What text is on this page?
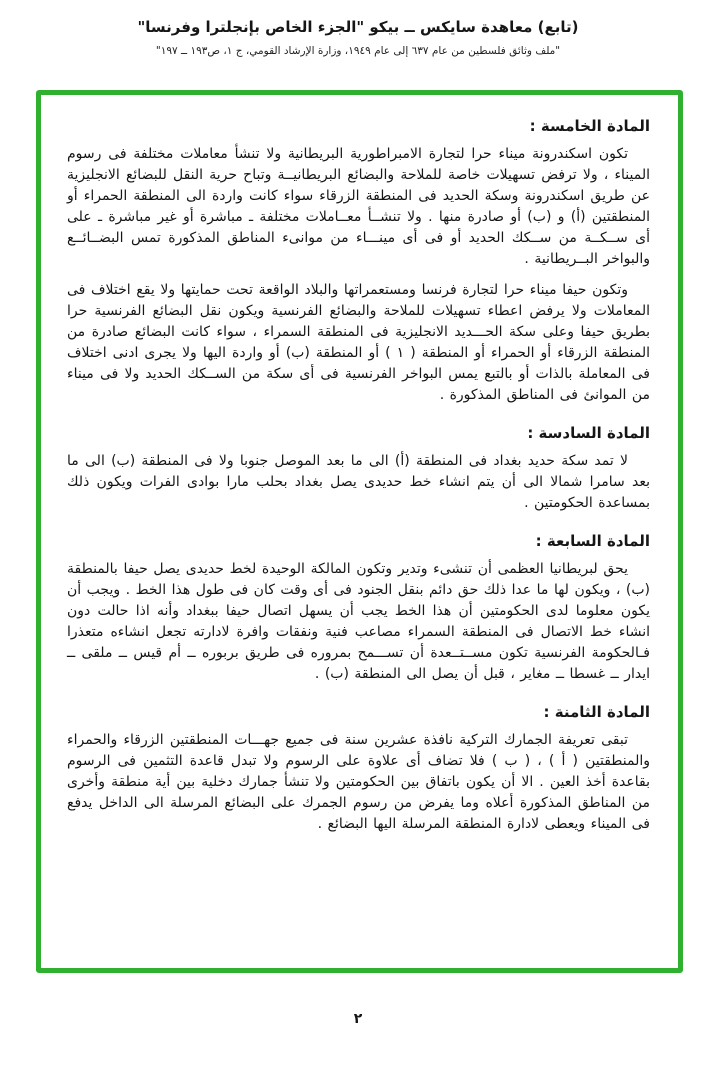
(تابع) معاهدة سايكس ــ بيكو "الجزء الخاص بإنجلترا وفرنسا"
"ملف وثائق فلسطين من عام ٦٣٧ إلى عام ١٩٤٩، وزارة الإرشاد القومي، ج ١، ص١٩٣ ــ ١٩٧"
المادة الخامسة :

تكون اسكندرونة ميناء حرا لتجارة الامبراطورية البريطانية ولا تنشأ معاملات مختلفة فى رسوم الميناء ، ولا ترفض تسهيلات خاصة للملاحة والبضائع البريطانيــة وتباح حرية النقل للبضائع الانجليزية عن طريق اسكندرونة وسكة الحديد فى المنطقة الزرقاء سواء كانت واردة الى المنطقة الحمراء أو المنطقتين (أ) و (ب) أو صادرة منها . ولا تنشــأ معــاملات مختلفة ـ مباشرة أو غير مباشرة ـ على أى ســكــة من ســكك الحديد أو فى أى مينـــاء من موانىء المناطق المذكورة تمس البضــائــع والبواخر البــريطانية .

وتكون حيفا ميناء حرا لتجارة فرنسا ومستعمراتها والبلاد الواقعة تحت حمايتها ولا يقع اختلاف فى المعاملات ولا يرفض اعطاء تسهيلات للملاحة والبضائع الفرنسية ويكون نقل البضائع الفرنسية حرا بطريق حيفا وعلى سكة الحـــديد الانجليزية فى المنطقة السمراء ، سواء كانت البضائع صادرة من المنطقة الزرقاء أو الحمراء أو المنطقة ( ١ ) أو المنطقة (ب) أو واردة اليها ولا يجرى ادنى اختلاف فى المعاملة بالذات أو بالتبع يمس البواخر الفرنسية فى أى سكة من الســكك الحديد ولا فى ميناء من الموانئ فى المناطق المذكورة .

المادة السادسة :

لا تمد سكة حديد بغداد فى المنطقة (أ) الى ما بعد الموصل جنوبا ولا فى المنطقة (ب) الى ما بعد سامرا شمالا الى أن يتم انشاء خط حديدى يصل بغداد بحلب مارا بوادى الفرات ويكون ذلك بمساعدة الحكومتين .

المادة السابعة :

يحق لبريطانيا العظمى أن تنشىء وتدير وتكون المالكة الوحيدة لخط حديدى يصل حيفا بالمنطقة (ب) ، ويكون لها ما عدا ذلك حق دائم بنقل الجنود فى أى وقت كان فى طول هذا الخط . ويجب أن يكون معلوما لدى الحكومتين أن هذا الخط يجب أن يسهل اتصال حيفا ببغداد وأنه اذا حالت دون انشاء خط الاتصال فى المنطقة السمراء مصاعب فنية ونفقات وافرة لادارته تجعل انشاءه متعذرا فـالحكومة الفرنسية تكون مســتــعدة أن تســـمح بمروره فى طريق بربوره ــ أم قيس ــ ملقى ــ ايدار ــ غسطا ــ مغاير ، قبل أن يصل الى المنطقة (ب) .

المادة الثامنة :

تبقى تعريفة الجمارك التركية نافذة عشرين سنة فى جميع جهـــات المنطقتين الزرقاء والحمراء والمنطقتين ( أ ) ، ( ب ) فلا تضاف أى علاوة على الرسوم ولا تبدل قاعدة التثمين فى الرسوم بقاعدة أخذ العين . الا أن يكون باتفاق بين الحكومتين ولا تنشأ جمارك دخلية بين أية منطقة وأخرى من المناطق المذكورة أعلاه وما يفرض من رسوم الجمرك على البضائع المرسلة الى الداخل يدفع فى الميناء ويعطى لادارة المنطقة المرسلة اليها البضائع .

٢
